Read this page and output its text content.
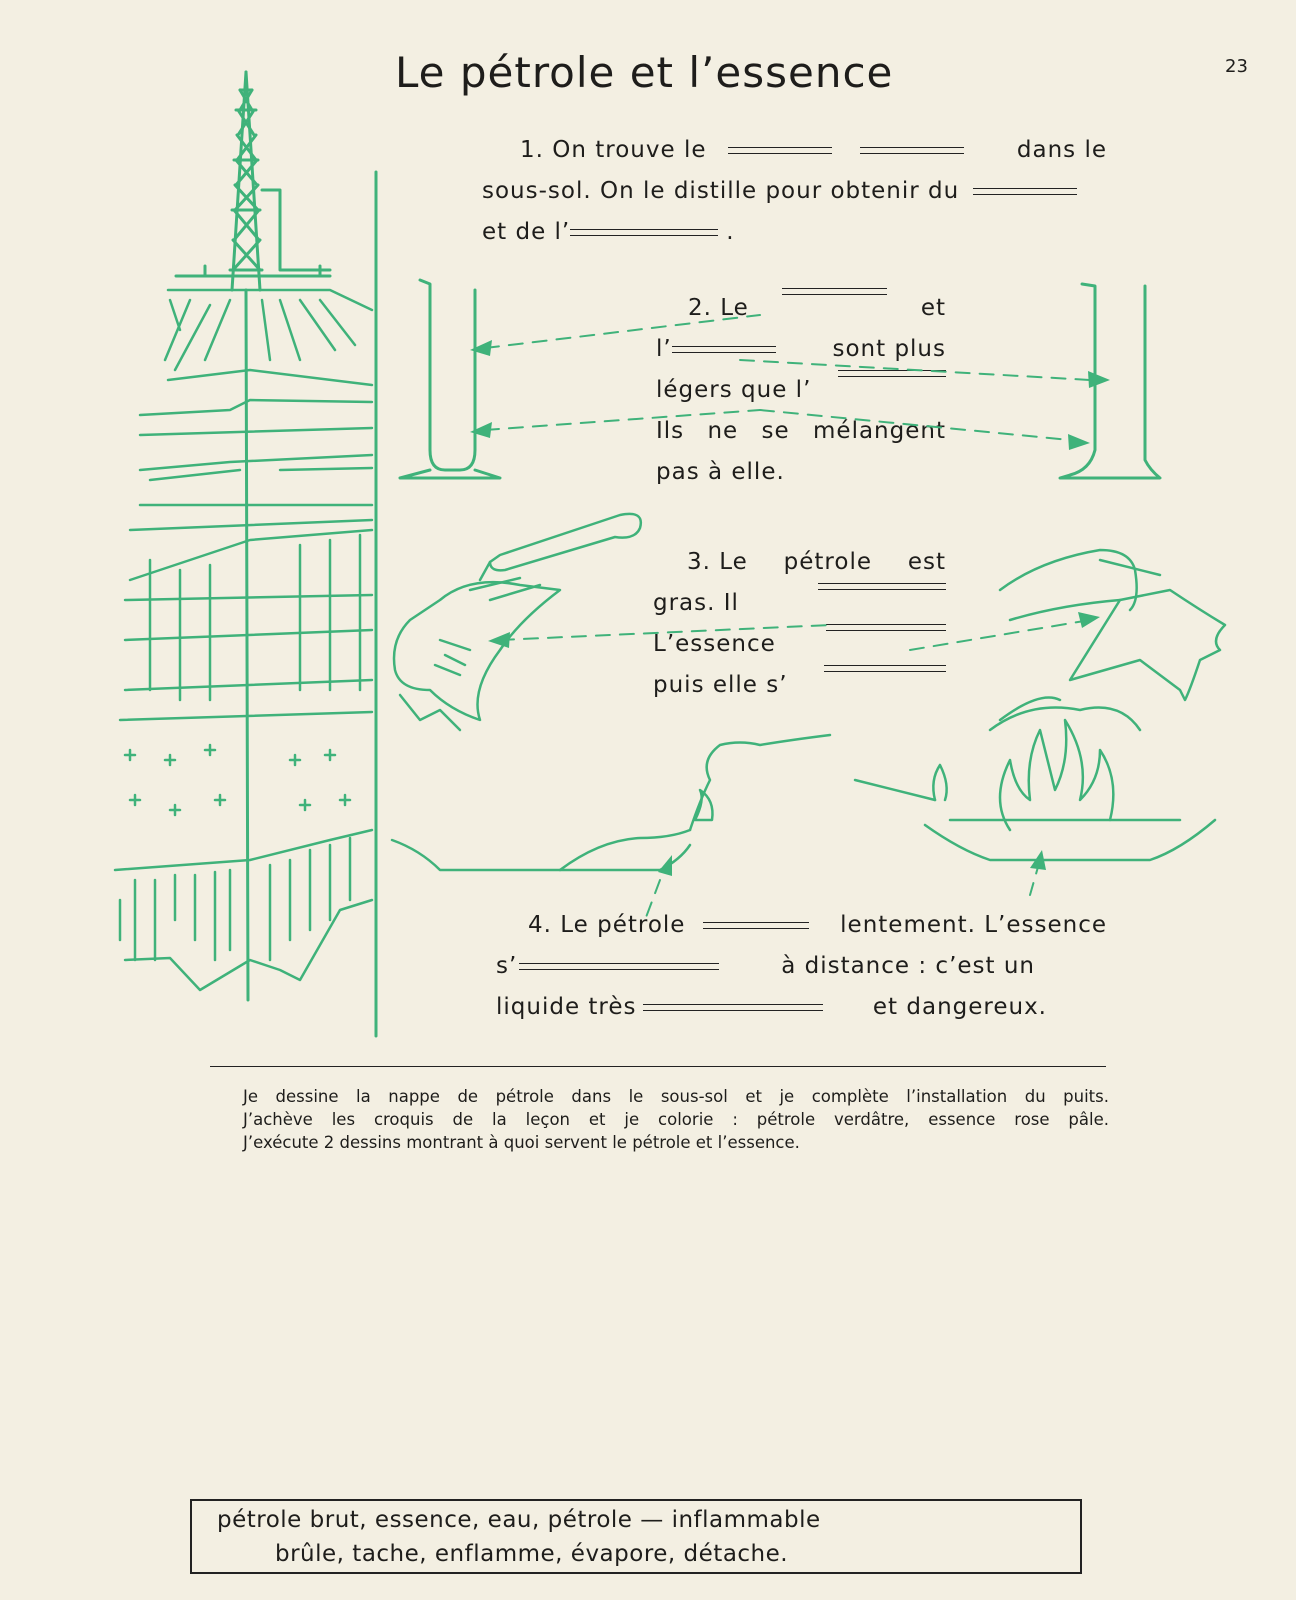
23
Le pétrole et l’essence
1. On trouve le	dans le
sous-sol. On le distille pour obtenir du
et de l’	.
2. Le	et
l’	sont plus
légers que l’
Ils ne se mélangent
pas à elle.
3. Le pétrole est
gras. Il
L’essence
puis elle s’
4. Le pétrole	lentement. L’essence
s’	à distance : c’est un
liquide très	et dangereux.
Je dessine la nappe de pétrole dans le sous-sol et je complète l’installation du puits.
J’achève les croquis de la leçon et je colorie : pétrole verdâtre, essence rose pâle.
J’exécute 2 dessins montrant à quoi servent le pétrole et l’essence.
pétrole brut, essence, eau, pétrole — inflammable
brûle, tache, enflamme, évapore, détache.
